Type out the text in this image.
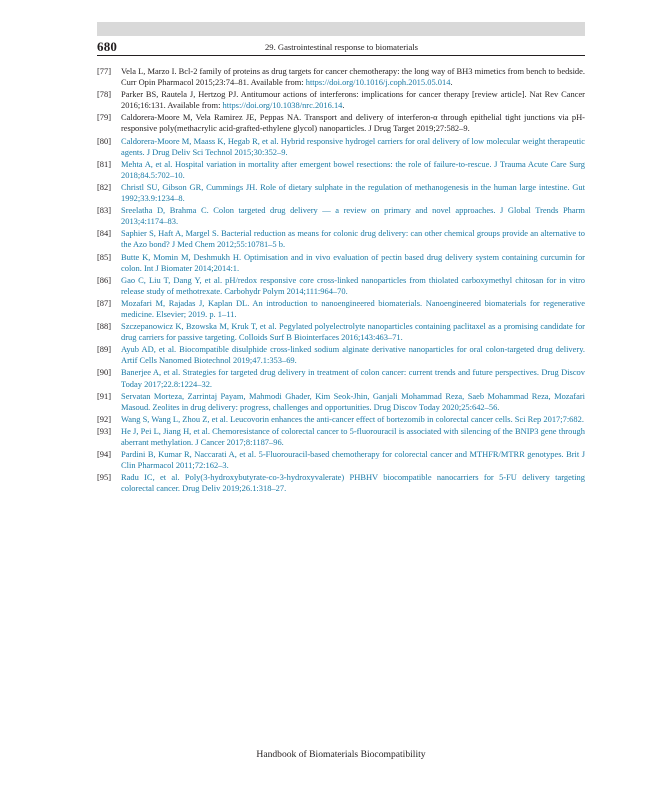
680	29. Gastrointestinal response to biomaterials
[77] Vela L, Marzo I. Bcl-2 family of proteins as drug targets for cancer chemotherapy: the long way of BH3 mimetics from bench to bedside. Curr Opin Pharmacol 2015;23:74–81. Available from: https://doi.org/10.1016/j.coph.2015.05.014.
[78] Parker BS, Rautela J, Hertzog PJ. Antitumour actions of interferons: implications for cancer therapy [review article]. Nat Rev Cancer 2016;16:131. Available from: https://doi.org/10.1038/nrc.2016.14.
[79] Caldorera-Moore M, Vela Ramirez JE, Peppas NA. Transport and delivery of interferon-α through epithelial tight junctions via pH-responsive poly(methacrylic acid-grafted-ethylene glycol) nanoparticles. J Drug Target 2019;27:582–9.
[80] Caldorera-Moore M, Maass K, Hegab R, et al. Hybrid responsive hydrogel carriers for oral delivery of low molecular weight therapeutic agents. J Drug Deliv Sci Technol 2015;30:352–9.
[81] Mehta A, et al. Hospital variation in mortality after emergent bowel resections: the role of failure-to-rescue. J Trauma Acute Care Surg 2018;84.5:702–10.
[82] Christl SU, Gibson GR, Cummings JH. Role of dietary sulphate in the regulation of methanogenesis in the human large intestine. Gut 1992;33.9:1234–8.
[83] Sreelatha D, Brahma C. Colon targeted drug delivery — a review on primary and novel approaches. J Global Trends Pharm 2013;4:1174–83.
[84] Saphier S, Haft A, Margel S. Bacterial reduction as means for colonic drug delivery: can other chemical groups provide an alternative to the Azo bond? J Med Chem 2012;55:10781–5 b.
[85] Butte K, Momin M, Deshmukh H. Optimisation and in vivo evaluation of pectin based drug delivery system containing curcumin for colon. Int J Biomater 2014;2014:1.
[86] Gao C, Liu T, Dang Y, et al. pH/redox responsive core cross-linked nanoparticles from thiolated carboxymethyl chitosan for in vitro release study of methotrexate. Carbohydr Polym 2014;111:964–70.
[87] Mozafari M, Rajadas J, Kaplan DL. An introduction to nanoengineered biomaterials. Nanoengineered biomaterials for regenerative medicine. Elsevier; 2019. p. 1–11.
[88] Szczepanowicz K, Bzowska M, Kruk T, et al. Pegylated polyelectrolyte nanoparticles containing paclitaxel as a promising candidate for drug carriers for passive targeting. Colloids Surf B Biointerfaces 2016;143:463–71.
[89] Ayub AD, et al. Biocompatible disulphide cross-linked sodium alginate derivative nanoparticles for oral colon-targeted drug delivery. Artif Cells Nanomed Biotechnol 2019;47.1:353–69.
[90] Banerjee A, et al. Strategies for targeted drug delivery in treatment of colon cancer: current trends and future perspectives. Drug Discov Today 2017;22.8:1224–32.
[91] Servatan Morteza, Zarrintaj Payam, Mahmodi Ghader, Kim Seok-Jhin, Ganjali Mohammad Reza, Saeb Mohammad Reza, Mozafari Masoud. Zeolites in drug delivery: progress, challenges and opportunities. Drug Discov Today 2020;25:642–56.
[92] Wang S, Wang L, Zhou Z, et al. Leucovorin enhances the anti-cancer effect of bortezomib in colorectal cancer cells. Sci Rep 2017;7:682.
[93] He J, Pei L, Jiang H, et al. Chemoresistance of colorectal cancer to 5-fluorouracil is associated with silencing of the BNIP3 gene through aberrant methylation. J Cancer 2017;8:1187–96.
[94] Pardini B, Kumar R, Naccarati A, et al. 5-Fluorouracil-based chemotherapy for colorectal cancer and MTHFR/MTRR genotypes. Brit J Clin Pharmacol 2011;72:162–3.
[95] Radu IC, et al. Poly(3-hydroxybutyrate-co-3-hydroxyvalerate) PHBHV biocompatible nanocarriers for 5-FU delivery targeting colorectal cancer. Drug Deliv 2019;26.1:318–27.
Handbook of Biomaterials Biocompatibility
